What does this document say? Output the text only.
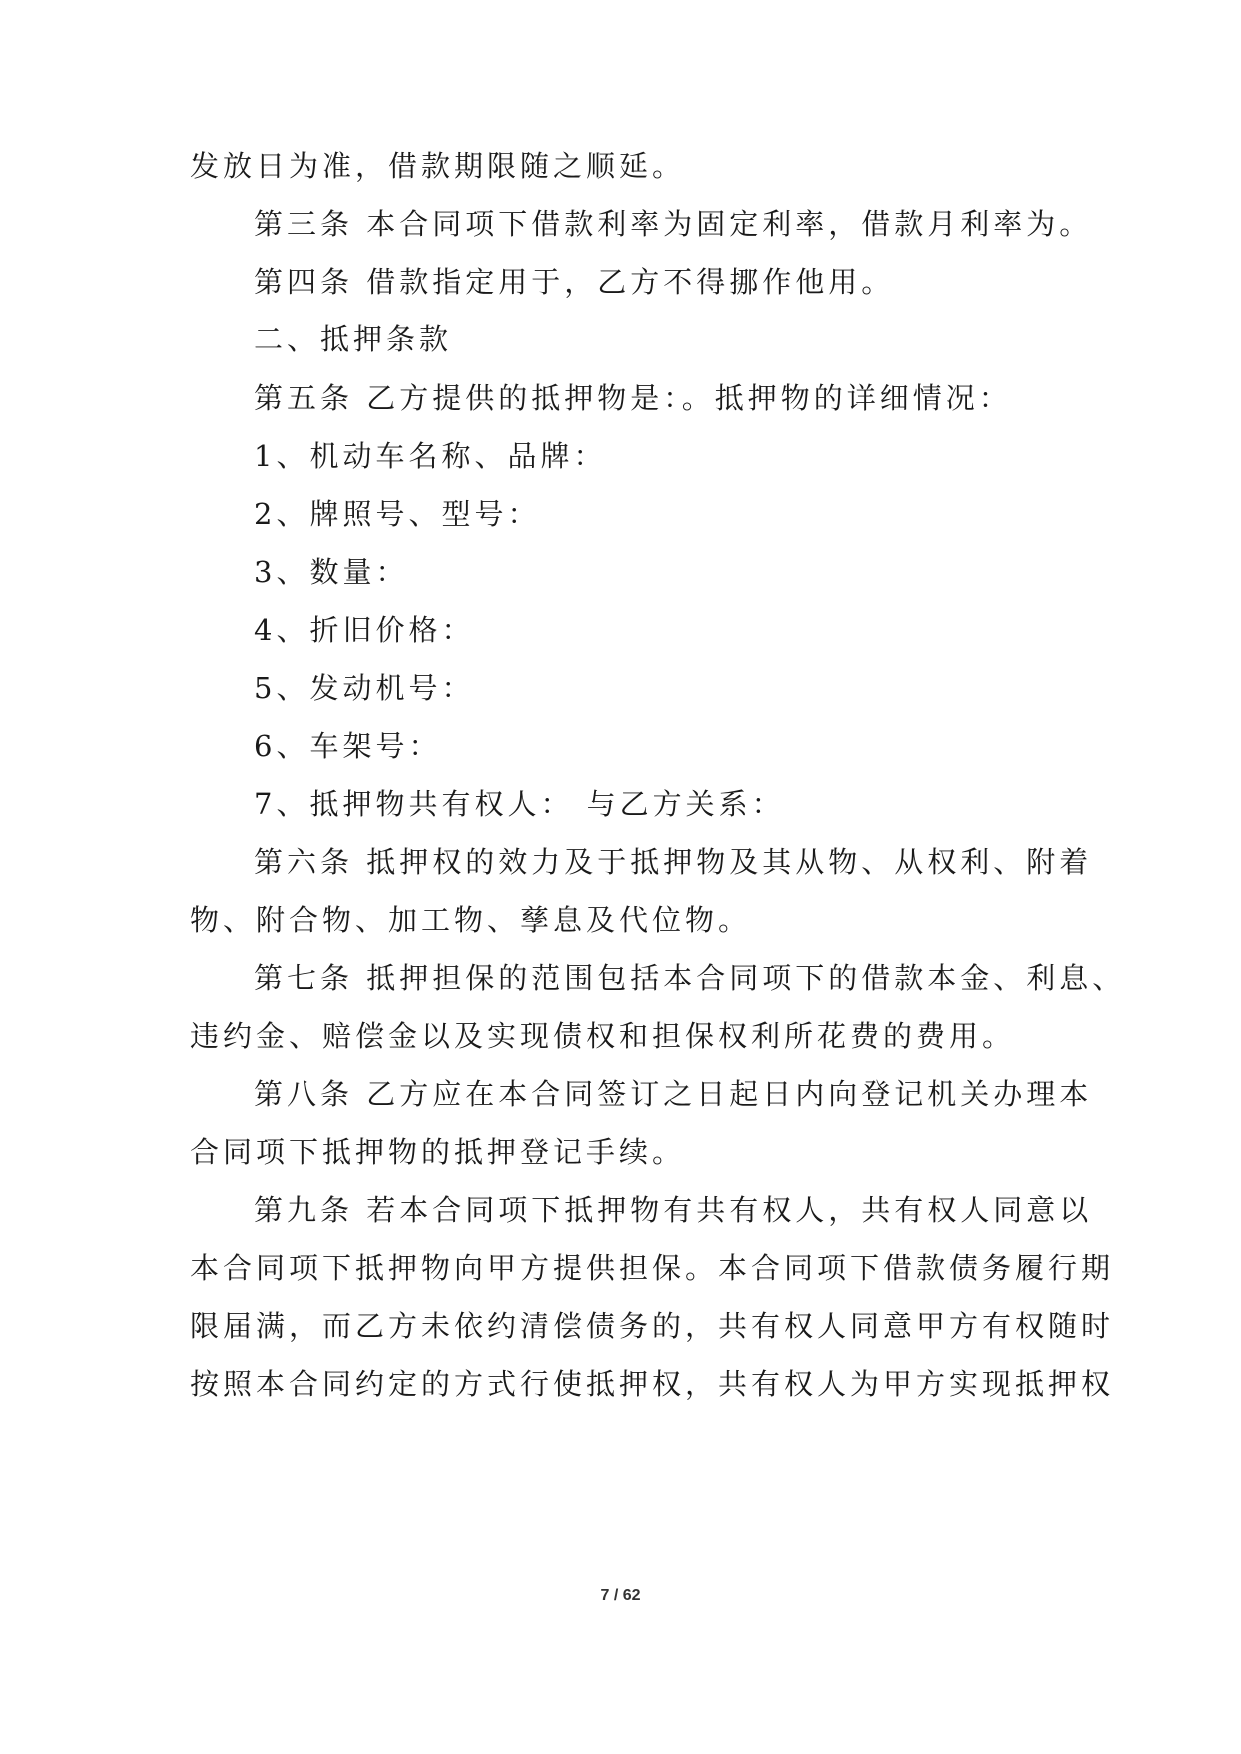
发放日为准，借款期限随之顺延。
第三条 本合同项下借款利率为固定利率，借款月利率为。
第四条 借款指定用于，乙方不得挪作他用。
二、抵押条款
第五条 乙方提供的抵押物是：。抵押物的详细情况：
1、机动车名称、品牌：
2、牌照号、型号：
3、数量：
4、折旧价格：
5、发动机号：
6、车架号：
7、抵押物共有权人： 与乙方关系：
第六条 抵押权的效力及于抵押物及其从物、从权利、附着
物、附合物、加工物、孳息及代位物。
第七条 抵押担保的范围包括本合同项下的借款本金、利息、
违约金、赔偿金以及实现债权和担保权利所花费的费用。
第八条 乙方应在本合同签订之日起日内向登记机关办理本
合同项下抵押物的抵押登记手续。
第九条 若本合同项下抵押物有共有权人，共有权人同意以
本合同项下抵押物向甲方提供担保。本合同项下借款债务履行期
限届满，而乙方未依约清偿债务的，共有权人同意甲方有权随时
按照本合同约定的方式行使抵押权，共有权人为甲方实现抵押权
7 / 62
